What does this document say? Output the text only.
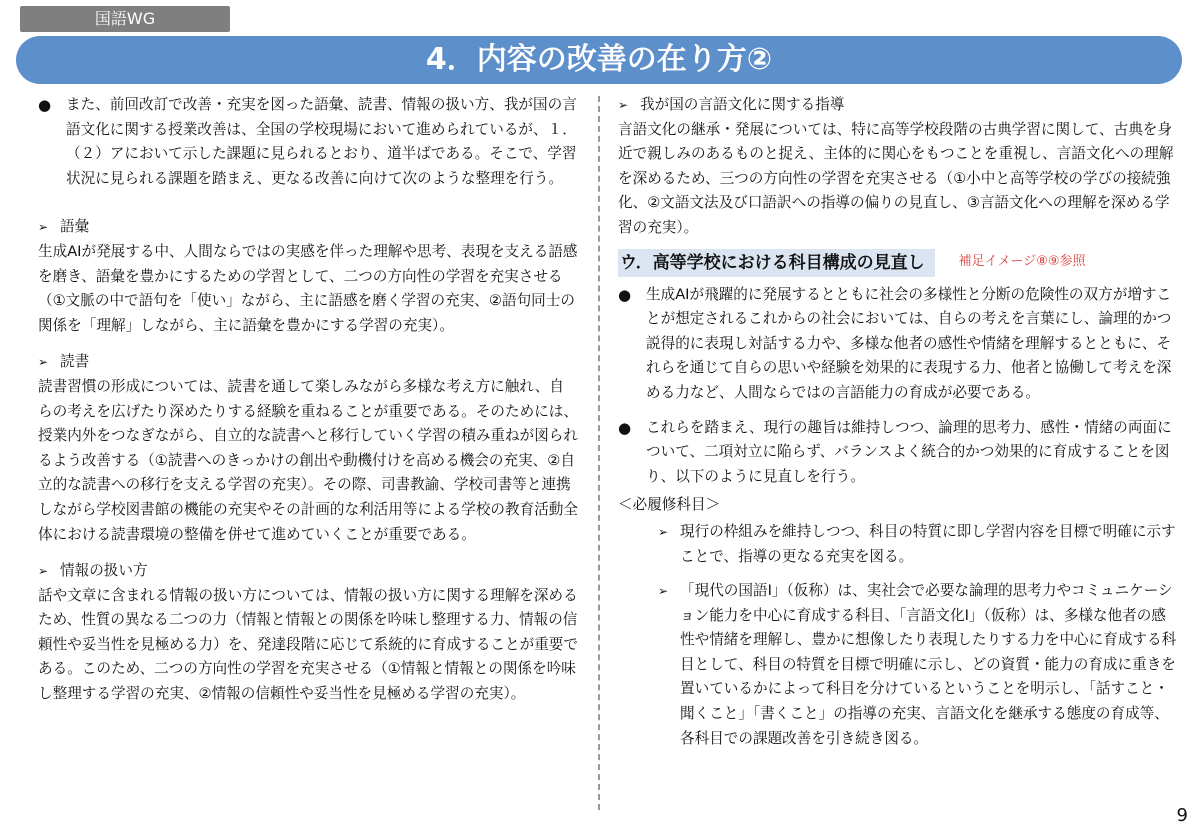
国語WG
4．内容の改善の在り方②
● また、前回改訂で改善・充実を図った語彙、読書、情報の扱い方、我が国の言語文化に関する授業改善は、全国の学校現場において進められているが、１．（２）アにおいて示した課題に見られるとおり、道半ばである。そこで、学習状況に見られる課題を踏まえ、更なる改善に向けて次のような整理を行う。

➢ 語彙

生成AIが発展する中、人間ならではの実感を伴った理解や思考、表現を支える語感を磨き、語彙を豊かにするための学習として、二つの方向性の学習を充実させる（①文脈の中で語句を「使い」ながら、主に語感を磨く学習の充実、②語句同士の関係を「理解」しながら、主に語彙を豊かにする学習の充実）。

➢ 読書

読書習慣の形成については、読書を通して楽しみながら多様な考え方に触れ、自らの考えを広げたり深めたりする経験を重ねることが重要である。そのためには、授業内外をつなぎながら、自立的な読書へと移行していく学習の積み重ねが図られるよう改善する（①読書へのきっかけの創出や動機付けを高める機会の充実、②自立的な読書への移行を支える学習の充実）。その際、司書教諭、学校司書等と連携しながら学校図書館の機能の充実やその計画的な利活用等による学校の教育活動全体における読書環境の整備を併せて進めていくことが重要である。

➢ 情報の扱い方

話や文章に含まれる情報の扱い方については、情報の扱い方に関する理解を深めるため、性質の異なる二つの力（情報と情報との関係を吟味し整理する力、情報の信頼性や妥当性を見極める力）を、発達段階に応じて系統的に育成することが重要である。このため、二つの方向性の学習を充実させる（①情報と情報との関係を吟味し整理する学習の充実、②情報の信頼性や妥当性を見極める学習の充実）。

➢ 我が国の言語文化に関する指導

言語文化の継承・発展については、特に高等学校段階の古典学習に関して、古典を身近で親しみのあるものと捉え、主体的に関心をもつことを重視し、言語文化への理解を深めるため、三つの方向性の学習を充実させる（①小中と高等学校の学びの接続強化、②文語文法及び口語訳への指導の偏りの見直し、③言語文化への理解を深める学習の充実）。

ウ．高等学校における科目構成の見直し	補足イメージ⑧⑨参照
● 生成AIが飛躍的に発展するとともに社会の多様性と分断の危険性の双方が増すことが想定されるこれからの社会においては、自らの考えを言葉にし、論理的かつ説得的に表現し対話する力や、多様な他者の感性や情緒を理解するとともに、それらを通じて自らの思いや経験を効果的に表現する力、他者と協働して考えを深める力など、人間ならではの言語能力の育成が必要である。

● これらを踏まえ、現行の趣旨は維持しつつ、論理的思考力、感性・情緒の両面について、二項対立に陥らず、バランスよく統合的かつ効果的に育成することを図り、以下のように見直しを行う。

＜必履修科目＞
➢ 現行の枠組みを維持しつつ、科目の特質に即し学習内容を目標で明確に示すことで、指導の更なる充実を図る。

➢ 「現代の国語Ⅰ」（仮称）は、実社会で必要な論理的思考力やコミュニケーション能力を中心に育成する科目、「言語文化Ⅰ」（仮称）は、多様な他者の感性や情緒を理解し、豊かに想像したり表現したりする力を中心に育成する科目として、科目の特質を目標で明確に示し、どの資質・能力の育成に重きを置いているかによって科目を分けているということを明示し、「話すこと・聞くこと」「書くこと」の指導の充実、言語文化を継承する態度の育成等、各科目での課題改善を引き続き図る。

9
